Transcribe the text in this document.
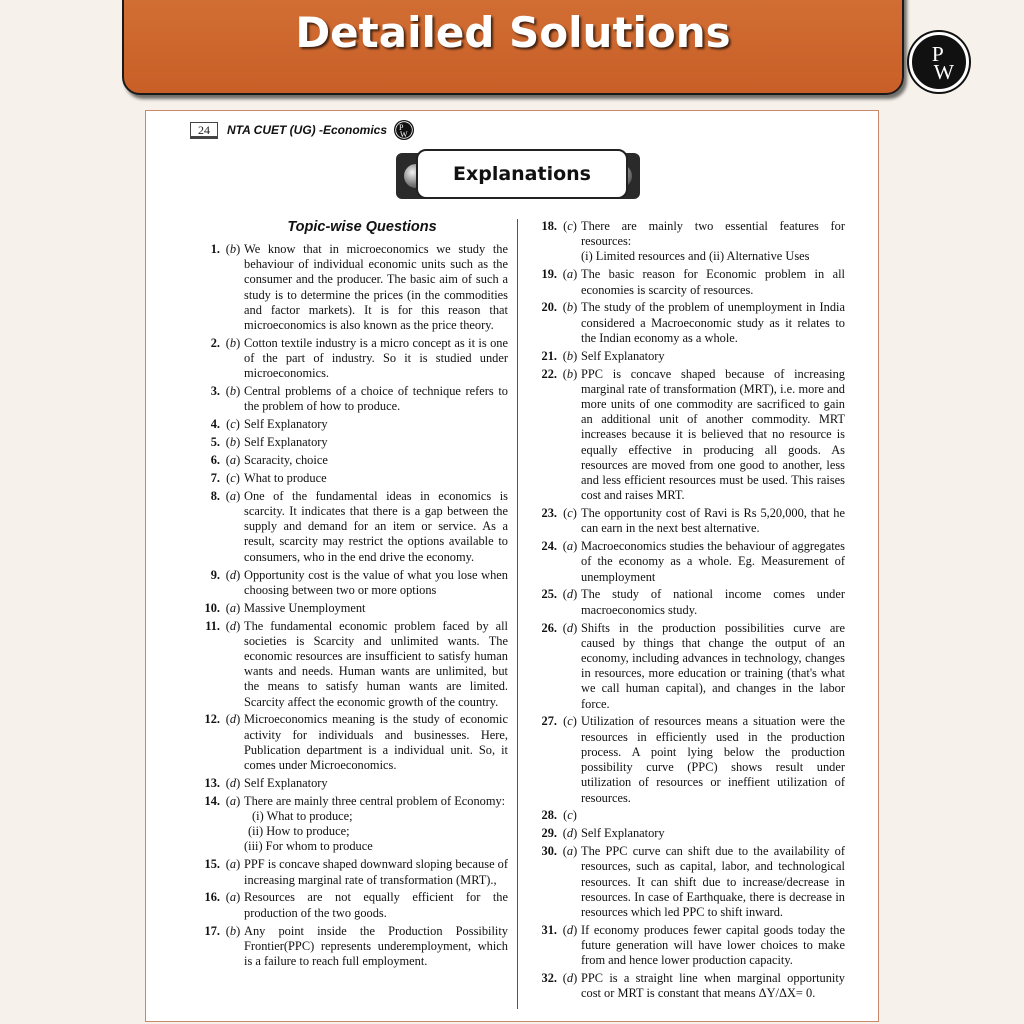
Detailed Solutions	P
W
24	NTA CUET (UG) -Economics P
W
Explanations
Topic-wise Questions
1. (b) We know that in microeconomics we study the behaviour of individual economic units such as the consumer and the producer. The basic aim of such a study is to determine the prices (in the commodities and factor markets). It is for this reason that microeconomics is also known as the price theory.
2. (b) Cotton textile industry is a micro concept as it is one of the part of industry. So it is studied under microeconomics.
3. (b) Central problems of a choice of technique refers to the problem of how to produce.
4. (c) Self Explanatory
5. (b) Self Explanatory
6. (a) Scaracity, choice
7. (c) What to produce
8. (a) One of the fundamental ideas in economics is scarcity. It indicates that there is a gap between the supply and demand for an item or service. As a result, scarcity may restrict the options available to consumers, who in the end drive the economy.
9. (d) Opportunity cost is the value of what you lose when choosing between two or more options
10. (a) Massive Unemployment
11. (d) The fundamental economic problem faced by all societies is Scarcity and unlimited wants. The economic resources are insufficient to satisfy human wants and needs. Human wants are unlimited, but the means to satisfy human wants are limited. Scarcity affect the economic growth of the country.
12. (d) Microeconomics meaning is the study of economic activity for individuals and businesses. Here, Publication department is a individual unit. So, it comes under Microeconomics.
13. (d) Self Explanatory
14. (a) There are mainly three central problem of Economy:
(i) What to produce;
(ii) How to produce;
(iii) For whom to produce
15. (a) PPF is concave shaped downward sloping because of increasing marginal rate of transformation (MRT).,
16. (a) Resources are not equally efficient for the production of the two goods.
17. (b) Any point inside the Production Possibility Frontier(PPC) represents underemployment, which is a failure to reach full employment.
18. (c) There are mainly two essential features for resources:
(i) Limited resources and (ii) Alternative Uses
19. (a) The basic reason for Economic problem in all economies is scarcity of resources.
20. (b) The study of the problem of unemployment in India considered a Macroeconomic study as it relates to the Indian economy as a whole.
21. (b) Self Explanatory
22. (b) PPC is concave shaped because of increasing marginal rate of transformation (MRT), i.e. more and more units of one commodity are sacrificed to gain an additional unit of another commodity. MRT increases because it is believed that no resource is equally effective in producing all goods. As resources are moved from one good to another, less and less efficient resources must be used. This raises cost and raises MRT.
23. (c) The opportunity cost of Ravi is Rs 5,20,000, that he can earn in the next best alternative.
24. (a) Macroeconomics studies the behaviour of aggregates of the economy as a whole. Eg. Measurement of unemployment
25. (d) The study of national income comes under macroeconomics study.
26. (d) Shifts in the production possibilities curve are caused by things that change the output of an economy, including advances in technology, changes in resources, more education or training (that's what we call human capital), and changes in the labor force.
27. (c) Utilization of resources means a situation were the resources in efficiently used in the production process. A point lying below the production possibility curve (PPC) shows result under utilization of resources or ineffient utilization of resources.
28. (c)
29. (d) Self Explanatory
30. (a) The PPC curve can shift due to the availability of resources, such as capital, labor, and technological resources. It can shift due to increase/decrease in resources. In case of Earthquake, there is decrease in resources which led PPC to shift inward.
31. (d) If economy produces fewer capital goods today the future generation will have lower choices to make from and hence lower production capacity.
32. (d) PPC is a straight line when marginal opportunity cost or MRT is constant that means ΔY/ΔX= 0.
